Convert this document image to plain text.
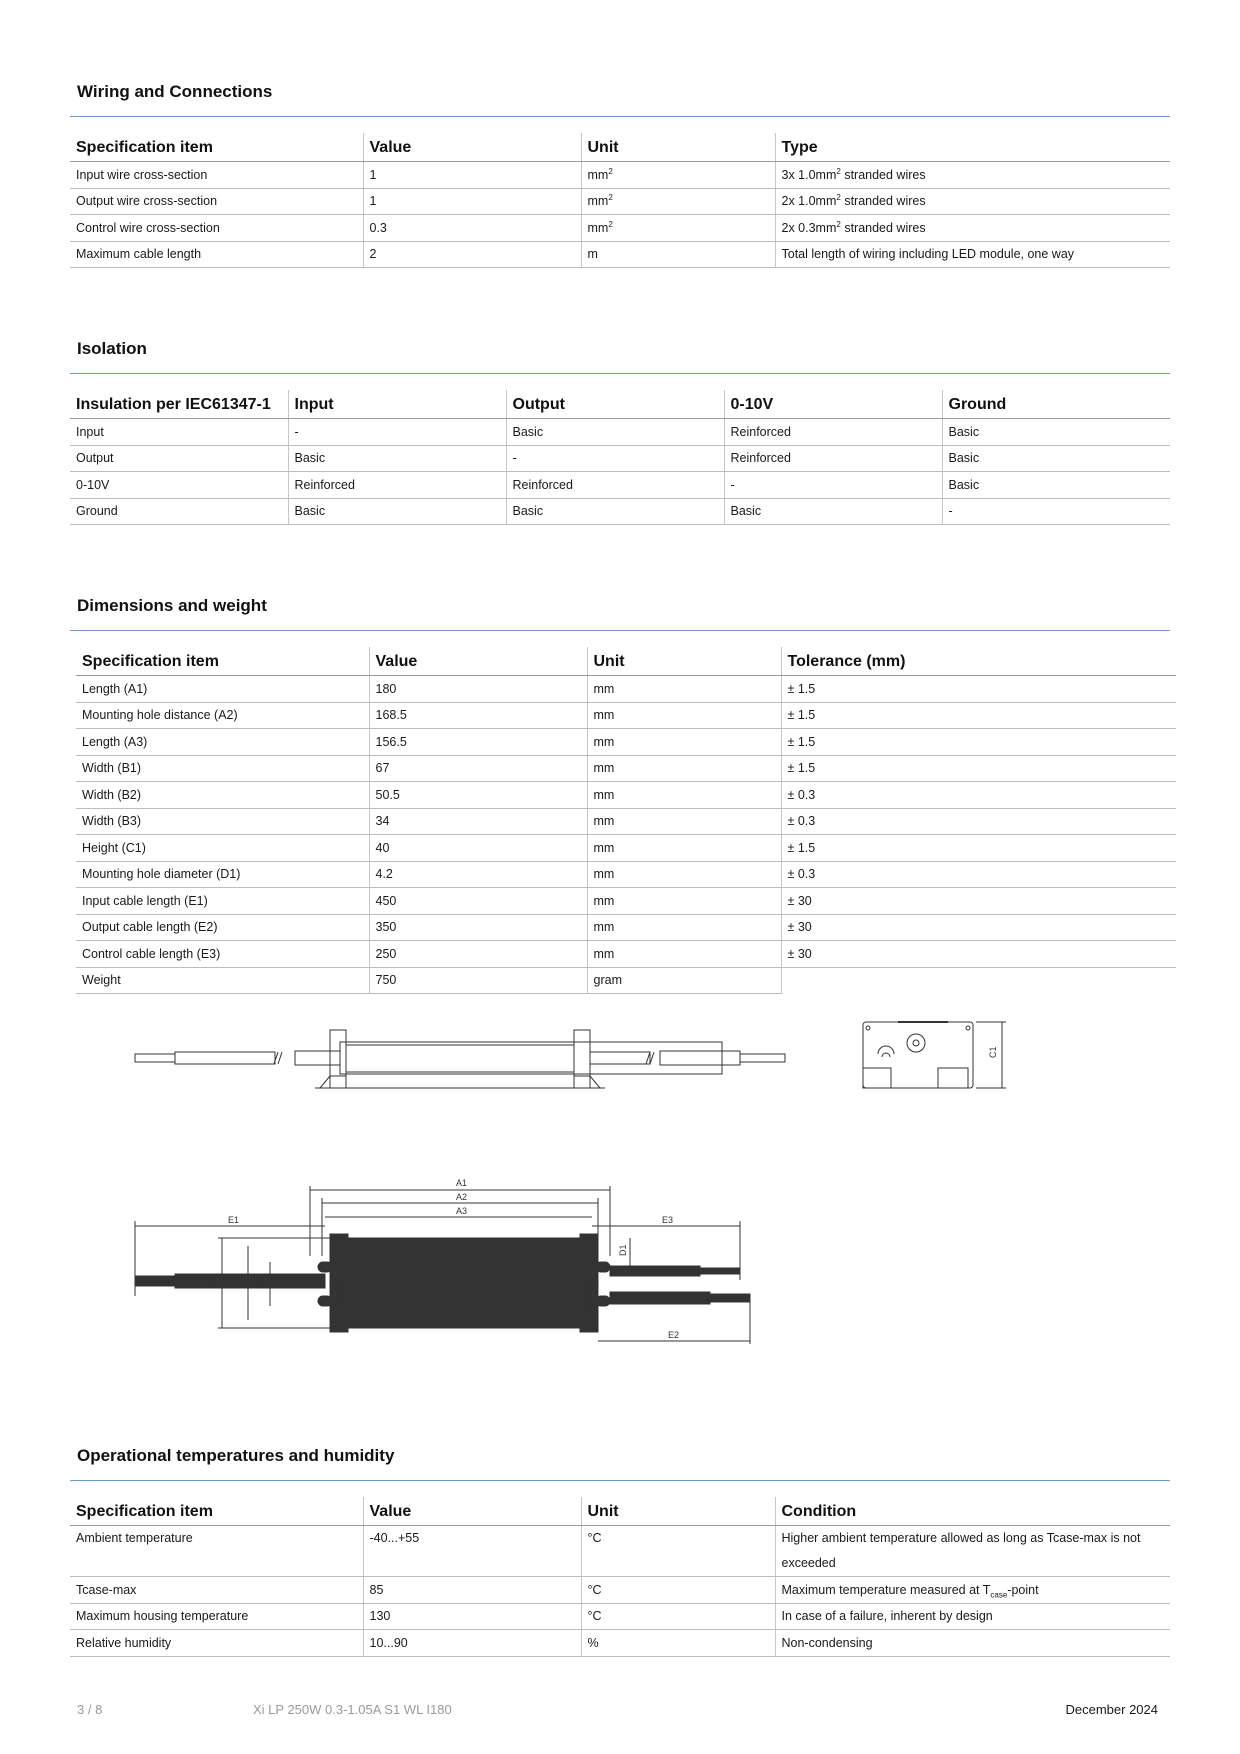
Wiring and Connections
Specification item	Value	Unit	Type
Input wire cross-section	1	$mm^2$	3x $1.0mm^2$ stranded wires
Output wire cross-section	1	$mm^2$	2x $1.0mm^2$ stranded wires
Control wire cross-section	0.3	$mm^2$	2x $0.3mm^2$ stranded wires
Maximum cable length	2	m	Total length of wiring including LED module, one way
Isolation
Insulation per IEC61347-1	Input	Output	0-10V	Ground
Input	-	Basic	Reinforced	Basic
Output	Basic	-	Reinforced	Basic
0-10V	Reinforced	Reinforced	-	Basic
Ground	Basic	Basic	Basic	-
Dimensions and weight
Specification item	Value	Unit	Tolerance (mm)
Length (A1)	180	mm	± 1.5
Mounting hole distance (A2)	168.5	mm	± 1.5
Length (A3)	156.5	mm	± 1.5
Width (B1)	67	mm	± 1.5
Width (B2)	50.5	mm	± 0.3
Width (B3)	34	mm	± 0.3
Height (C1)	40	mm	± 1.5
Mounting hole diameter (D1)	4.2	mm	± 0.3
Input cable length (E1)	450	mm	± 30
Output cable length (E2)	350	mm	± 30
Control cable length (E3)	250	mm	± 30
Weight	750	gram	
C1
A1
A2
A3
E1	E3
PHILIPS	PHILIPS
E2
B1 B2 B3
D1
Operational temperatures and humidity
Specification item	Value	Unit	Condition
Ambient temperature	-40...+55	°C	Higher ambient temperature allowed as long as Tcase-max is not exceeded
Tcase-max	85	°C	Maximum temperature measured at $T_{case}$-point
Maximum housing temperature	130	°C	In case of a failure, inherent by design
Relative humidity	10...90	%	Non-condensing
3 / 8	Xi LP 250W 0.3-1.05A S1 WL I180	December 2024
